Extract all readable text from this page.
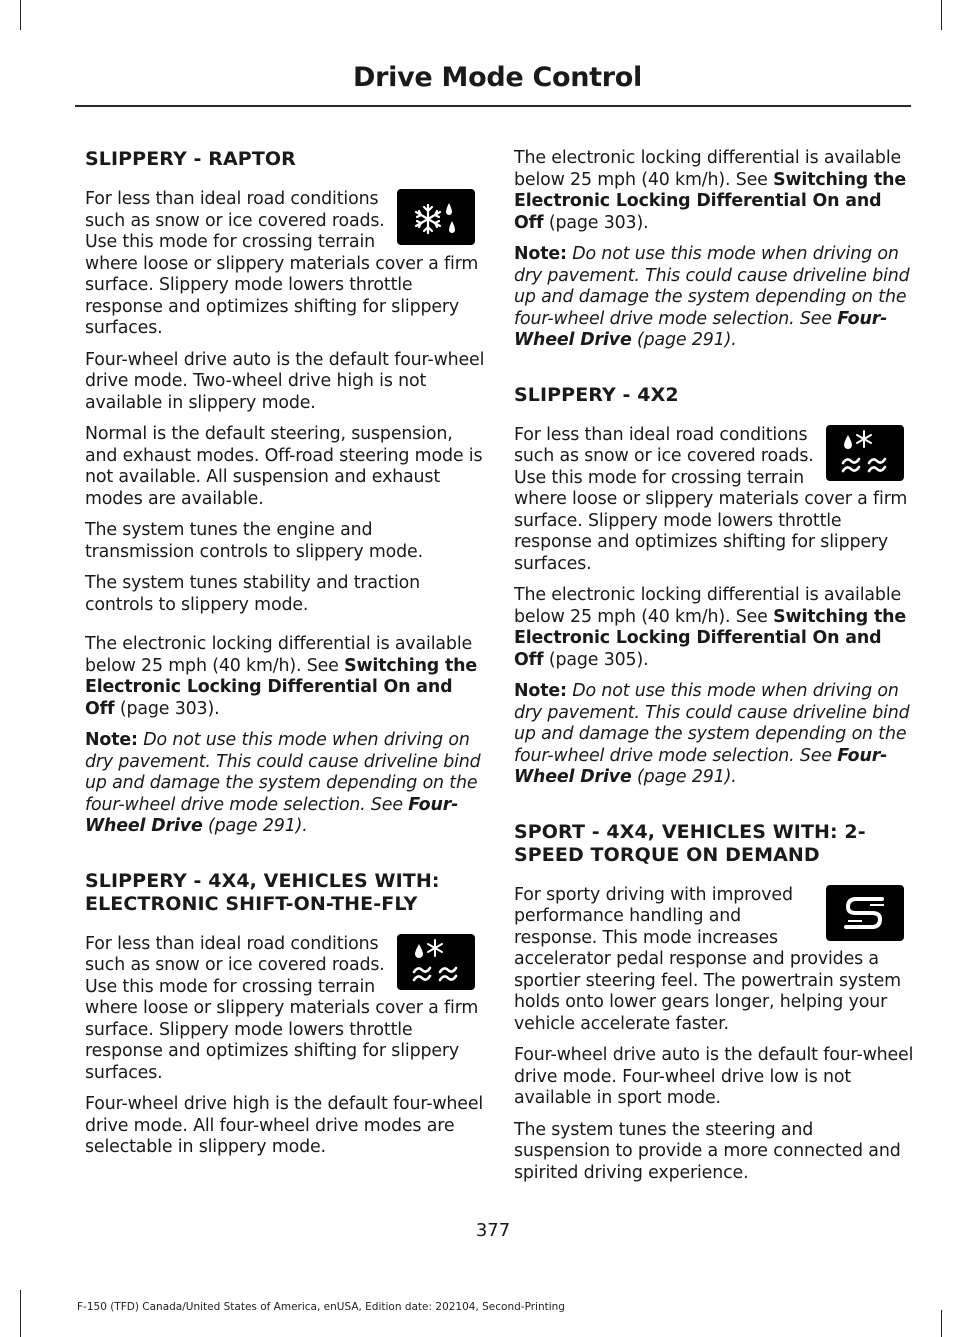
Drive Mode Control
SLIPPERY - RAPTOR

For less than ideal road conditions such as snow or ice covered roads. Use this mode for crossing terrain where loose or slippery materials cover a firm surface. Slippery mode lowers throttle response and optimizes shifting for slippery surfaces.

Four-wheel drive auto is the default four-wheel drive mode. Two-wheel drive high is not available in slippery mode.

Normal is the default steering, suspension, and exhaust modes. Off-road steering mode is not available. All suspension and exhaust modes are available.

The system tunes the engine and transmission controls to slippery mode.

The system tunes stability and traction controls to slippery mode.

The electronic locking differential is available below 25 mph (40 km/h). See Switching the Electronic Locking Differential On and Off (page 303).

Note: Do not use this mode when driving on dry pavement. This could cause driveline bind up and damage the system depending on the four-wheel drive mode selection. See Four-Wheel Drive (page 291).

SLIPPERY - 4X4, VEHICLES WITH: ELECTRONIC SHIFT-ON-THE-FLY

For less than ideal road conditions such as snow or ice covered roads. Use this mode for crossing terrain where loose or slippery materials cover a firm surface. Slippery mode lowers throttle response and optimizes shifting for slippery surfaces.

Four-wheel drive high is the default four-wheel drive mode. All four-wheel drive modes are selectable in slippery mode.

The electronic locking differential is available below 25 mph (40 km/h). See Switching the Electronic Locking Differential On and Off (page 303).

Note: Do not use this mode when driving on dry pavement. This could cause driveline bind up and damage the system depending on the four-wheel drive mode selection. See Four-Wheel Drive (page 291).

SLIPPERY - 4X2

For less than ideal road conditions such as snow or ice covered roads. Use this mode for crossing terrain where loose or slippery materials cover a firm surface. Slippery mode lowers throttle response and optimizes shifting for slippery surfaces.

The electronic locking differential is available below 25 mph (40 km/h). See Switching the Electronic Locking Differential On and Off (page 305).

Note: Do not use this mode when driving on dry pavement. This could cause driveline bind up and damage the system depending on the four-wheel drive mode selection. See Four-Wheel Drive (page 291).

SPORT - 4X4, VEHICLES WITH: 2-SPEED TORQUE ON DEMAND

For sporty driving with improved performance handling and response. This mode increases accelerator pedal response and provides a sportier steering feel. The powertrain system holds onto lower gears longer, helping your vehicle accelerate faster.

Four-wheel drive auto is the default four-wheel drive mode. Four-wheel drive low is not available in sport mode.

The system tunes the steering and suspension to provide a more connected and spirited driving experience.

377
F-150 (TFD) Canada/United States of America, enUSA, Edition date: 202104, Second-Printing
